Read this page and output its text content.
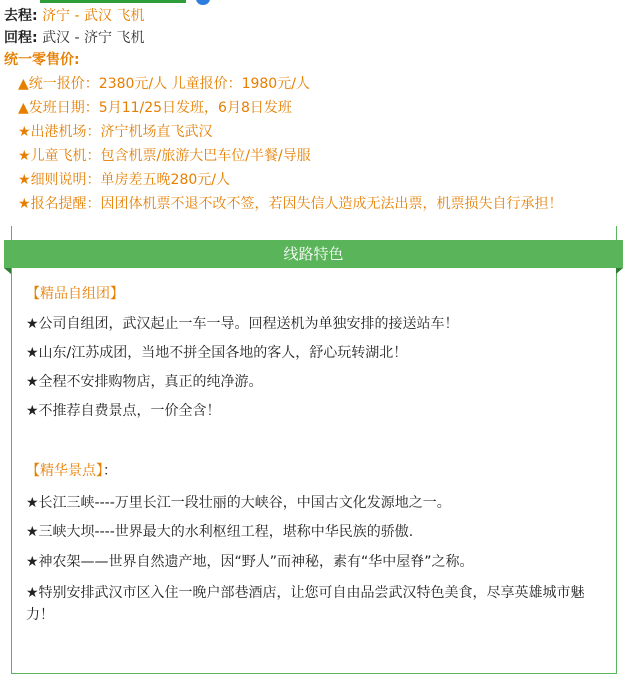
去程: 济宁 - 武汉 飞机
回程: 武汉 - 济宁 飞机
统一零售价:
▲统一报价：2380元/人 儿童报价：1980元/人
▲发班日期：5月11/25日发班，6月8日发班
★出港机场：济宁机场直飞武汉
★儿童飞机：包含机票/旅游大巴车位/半餐/导服
★细则说明：单房差五晚280元/人
★报名提醒：因团体机票不退不改不签，若因失信人造成无法出票，机票损失自行承担！
线路特色
【精品自组团】
★公司自组团，武汉起止一车一导。回程送机为单独安排的接送站车！
★山东/江苏成团，当地不拼全国各地的客人，舒心玩转湖北！
★全程不安排购物店，真正的纯净游。
★不推荐自费景点，一价全含！
【精华景点】：
★长江三峡----万里长江一段壮丽的大峡谷，中国古文化发源地之一。
★三峡大坝----世界最大的水利枢纽工程，堪称中华民族的骄傲.
★神农架——世界自然遗产地，因“野人”而神秘，素有“华中屋脊”之称。
★特别安排武汉市区入住一晚户部巷酒店，让您可自由品尝武汉特色美食，尽享英雄城市魅力！
